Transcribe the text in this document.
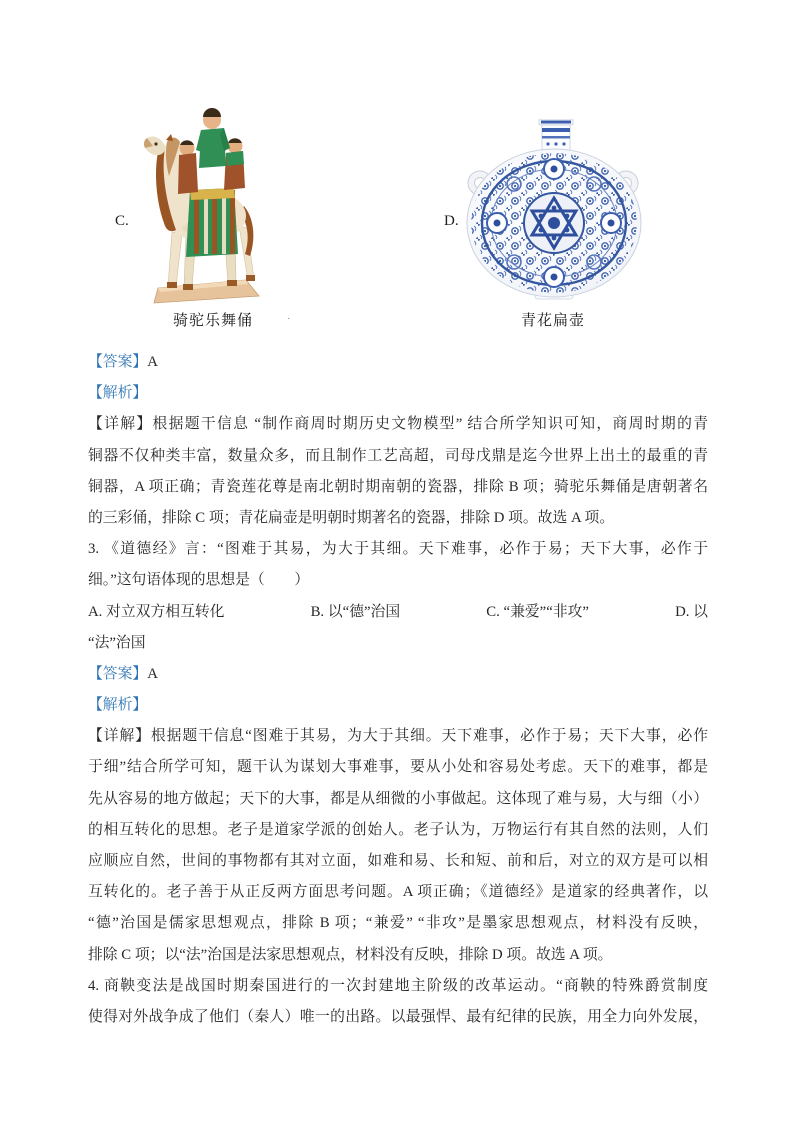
C.
骑驼乐舞俑	·
D.
青花扁壶
【答案】A
【解析】
【详解】根据题干信息 “制作商周时期历史文物模型” 结合所学知识可知，商周时期的青
铜器不仅种类丰富，数量众多，而且制作工艺高超，司母戊鼎是迄今世界上出土的最重的青
铜器，A 项正确；青瓷莲花尊是南北朝时期南朝的瓷器，排除 B 项；骑驼乐舞俑是唐朝著名
的三彩俑，排除 C 项；青花扁壶是明朝时期著名的瓷器，排除 D 项。故选 A 项。
3. 《道德经》言：“图难于其易，为大于其细。天下难事，必作于易；天下大事，必作于
细。”这句语体现的思想是（　　）
A. 对立双方相互转化	B. 以“德”治国	C. “兼爱”“非攻”	D. 以
“法”治国
【答案】A
【解析】
【详解】根据题干信息“图难于其易，为大于其细。天下难事，必作于易；天下大事，必作
于细”结合所学可知，题干认为谋划大事难事，要从小处和容易处考虑。天下的难事，都是
先从容易的地方做起；天下的大事，都是从细微的小事做起。这体现了难与易，大与细（小）
的相互转化的思想。老子是道家学派的创始人。老子认为，万物运行有其自然的法则，人们
应顺应自然，世间的事物都有其对立面，如难和易、长和短、前和后，对立的双方是可以相
互转化的。老子善于从正反两方面思考问题。A 项正确；《道德经》是道家的经典著作，以
“德”治国是儒家思想观点，排除 B 项；“兼爱” “非攻”是墨家思想观点，材料没有反映，
排除 C 项；以“法”治国是法家思想观点，材料没有反映，排除 D 项。故选 A 项。
4. 商鞅变法是战国时期秦国进行的一次封建地主阶级的改革运动。“商鞅的特殊爵赏制度
使得对外战争成了他们（秦人）唯一的出路。以最强悍、最有纪律的民族，用全力向外发展，
